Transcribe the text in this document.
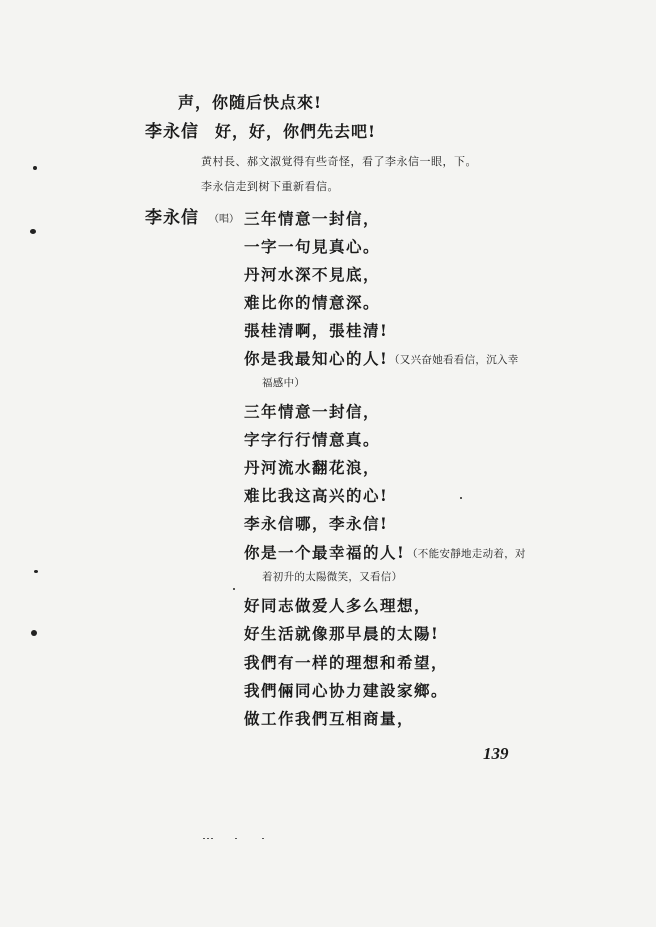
声，你随后快点來!
李永信 好，好，你們先去吧!
黄村長、郝文淑覚得有些奇怪，看了李永信一眼，下。
李永信走到树下重新看信。
李永信 （唱） 三年情意一封信，
一字一句見真心。
丹河水深不見底，
难比你的情意深。
張桂清啊，張桂清!
你是我最知心的人! （又兴奋她看看信，沉入幸
福感中）
三年情意一封信，
字字行行情意真。
丹河流水翻花浪，
难比我这高兴的心!
李永信哪，李永信!
你是一个最幸福的人! （不能安靜地走动着，对
着初升的太陽微笑，又看信）
好同志做爱人多么理想，
好生活就像那早晨的太陽!
我們有一样的理想和希望，
我們倆同心协力建設家鄉。
做工作我們互相商量，
139
